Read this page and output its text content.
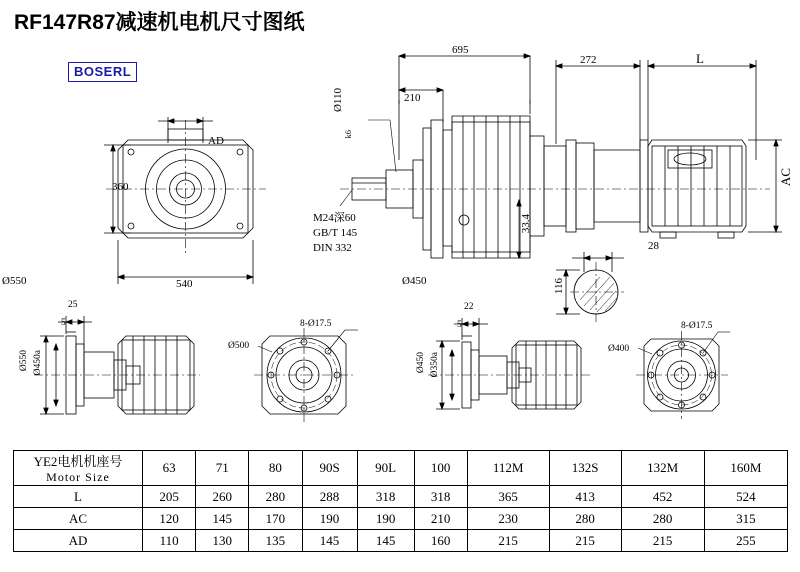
RF147R87减速机电机尺寸图纸
BOSERL
AD
360
540
Ø550
695
210
Ø110
k6
M24深60
GB/T 145
DIN 332
33.4
272	L
AC
28
116
Ø450
25
5
Ø550 Ø450a
Ø500
8-Ø17.5
22
5
Ø450 Ø350a
Ø400
8-Ø17.5
YE2电机机座号
Motor Size	63	71	80	90S	90L	100	112M	132S	132M	160M
L	205	260	280	288	318	318	365	413	452	524
AC	120	145	170	190	190	210	230	280	280	315
AD	110	130	135	145	145	160	215	215	215	255
